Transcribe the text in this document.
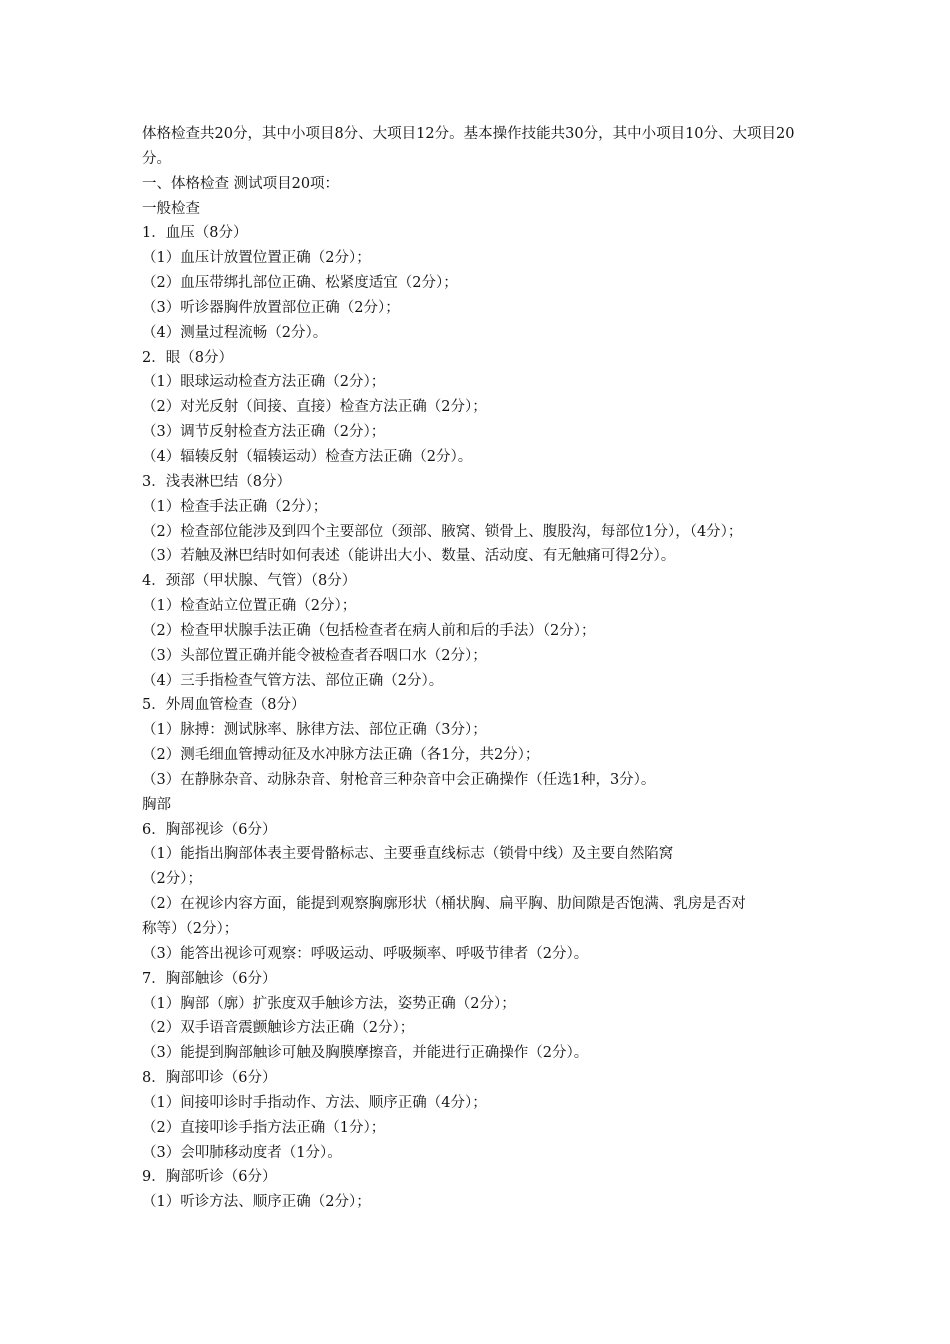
体格检查共20分，其中小项目8分、大项目12分。基本操作技能共30分，其中小项目10分、大项目20分。
一、体格检查 测试项目20项：
一般检查
1．血压（8分）
（1）血压计放置位置正确（2分）；
（2）血压带绑扎部位正确、松紧度适宜（2分）；
（3）听诊器胸件放置部位正确（2分）；
（4）测量过程流畅（2分）。
2．眼（8分）
（1）眼球运动检查方法正确（2分）；
（2）对光反射（间接、直接）检查方法正确（2分）；
（3）调节反射检查方法正确（2分）；
（4）辐辏反射（辐辏运动）检查方法正确（2分）。
3．浅表淋巴结（8分）
（1）检查手法正确（2分）；
（2）检查部位能涉及到四个主要部位（颈部、腋窝、锁骨上、腹股沟，每部位1分），（4分）；
（3）若触及淋巴结时如何表述（能讲出大小、数量、活动度、有无触痛可得2分）。
4．颈部（甲状腺、气管）（8分）
（1）检查站立位置正确（2分）；
（2）检查甲状腺手法正确（包括检查者在病人前和后的手法）（2分）；
（3）头部位置正确并能令被检查者吞咽口水（2分）；
（4）三手指检查气管方法、部位正确（2分）。
5．外周血管检查（8分）
（1）脉搏：测试脉率、脉律方法、部位正确（3分）；
（2）测毛细血管搏动征及水冲脉方法正确（各1分，共2分）；
（3）在静脉杂音、动脉杂音、射枪音三种杂音中会正确操作（任选1种，3分）。
胸部
6．胸部视诊（6分）
（1）能指出胸部体表主要骨骼标志、主要垂直线标志（锁骨中线）及主要自然陷窝
（2分）；
（2）在视诊内容方面，能提到观察胸廓形状（桶状胸、扁平胸、肋间隙是否饱满、乳房是否对
称等）（2分）；
（3）能答出视诊可观察：呼吸运动、呼吸频率、呼吸节律者（2分）。
7．胸部触诊（6分）
（1）胸部（廓）扩张度双手触诊方法，姿势正确（2分）；
（2）双手语音震颤触诊方法正确（2分）；
（3）能提到胸部触诊可触及胸膜摩擦音，并能进行正确操作（2分）。
8．胸部叩诊（6分）
（1）间接叩诊时手指动作、方法、顺序正确（4分）；
（2）直接叩诊手指方法正确（1分）；
（3）会叩肺移动度者（1分）。
9．胸部听诊（6分）
（1）听诊方法、顺序正确（2分）；
